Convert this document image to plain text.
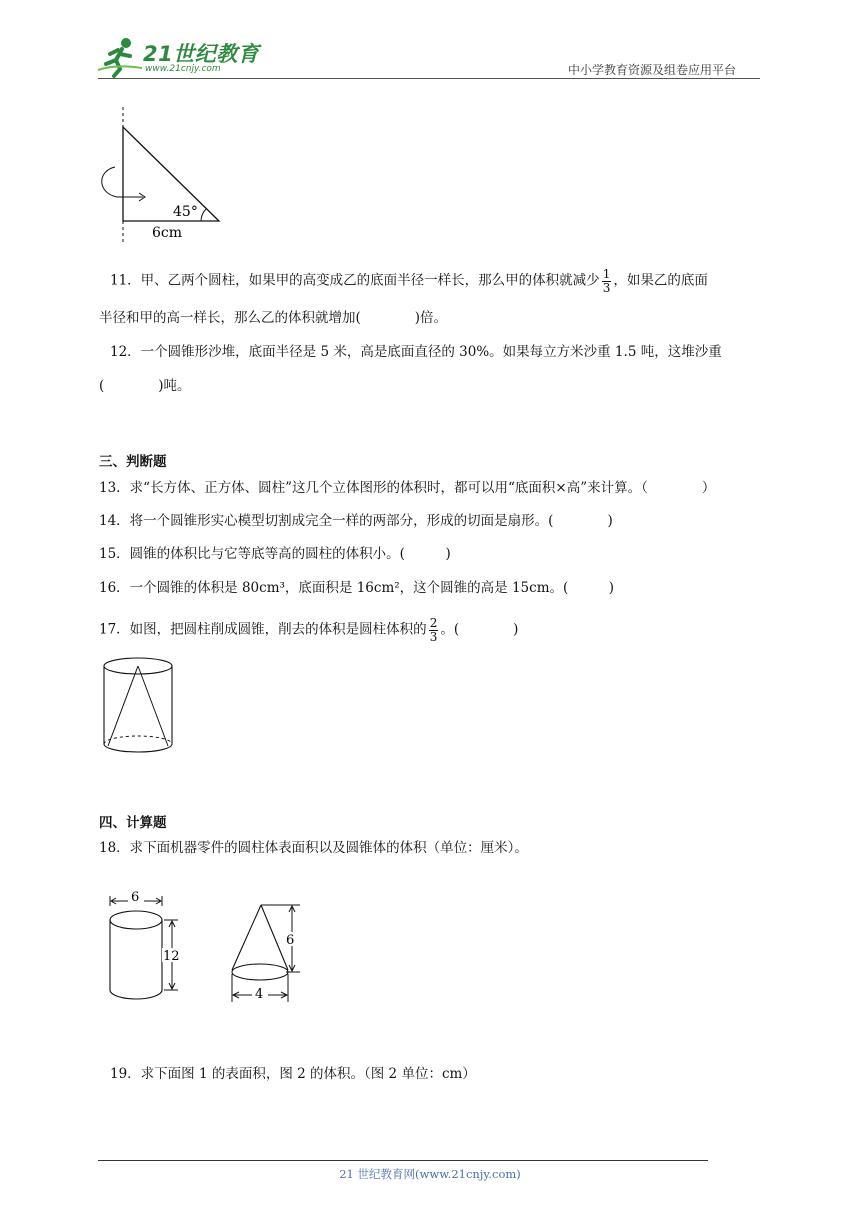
21世纪教育
www.21cnjy.com	中小学教育资源及组卷应用平台
45°
6cm
11．甲、乙两个圆柱，如果甲的高变成乙的底面半径一样长，那么甲的体积就减少 $\frac{1}{3}$ ，如果乙的底面
半径和甲的高一样长，那么乙的体积就增加(　　　　)倍。
12．一个圆锥形沙堆，底面半径是 5 米，高是底面直径的 30%。如果每立方米沙重 1.5 吨，这堆沙重
(　　　　)吨。
三、判断题
13．求“长方体、正方体、圆柱”这几个立体图形的体积时，都可以用“底面积×高”来计算。（　　　　）
14．将一个圆锥形实心模型切割成完全一样的两部分，形成的切面是扇形。(　　　　)
15．圆锥的体积比与它等底等高的圆柱的体积小。(　　　)
16．一个圆锥的体积是 80cm³，底面积是 16cm²，这个圆锥的高是 15cm。(　　　)
17．如图，把圆柱削成圆锥，削去的体积是圆柱体积的 $\frac{2}{3}$ 。(　　　　)
四、计算题
18．求下面机器零件的圆柱体表面积以及圆锥体的体积（单位：厘米）。
6
12
6
4
19．求下面图 1 的表面积，图 2 的体积。（图 2 单位：cm）
21 世纪教育网(www.21cnjy.com)
